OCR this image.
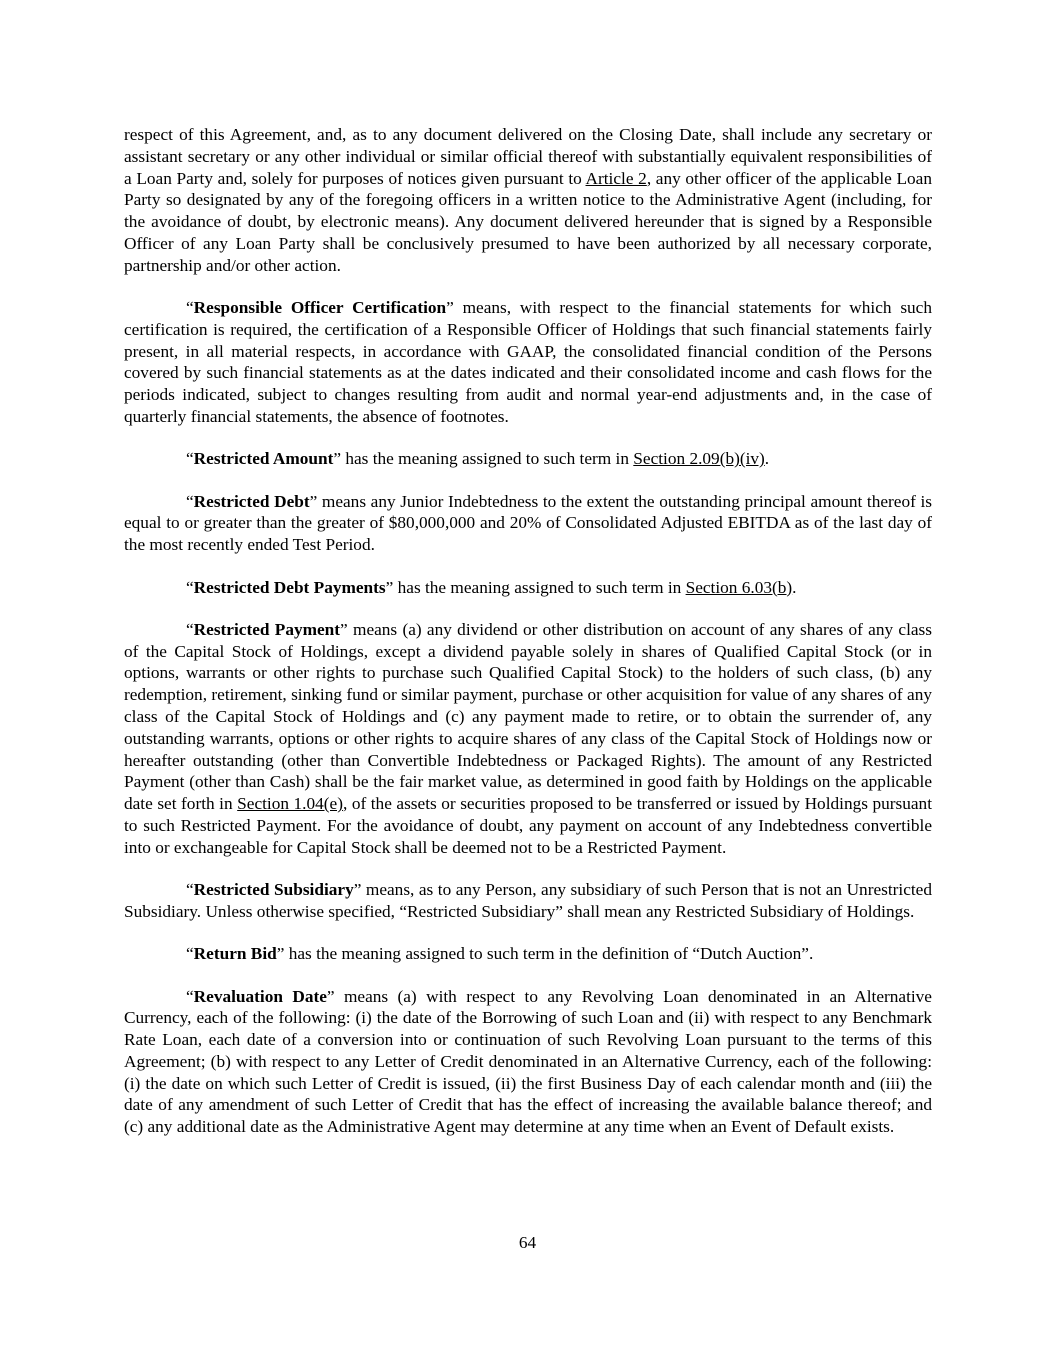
respect of this Agreement, and, as to any document delivered on the Closing Date, shall include any secretary or assistant secretary or any other individual or similar official thereof with substantially equivalent responsibilities of a Loan Party and, solely for purposes of notices given pursuant to Article 2, any other officer of the applicable Loan Party so designated by any of the foregoing officers in a written notice to the Administrative Agent (including, for the avoidance of doubt, by electronic means). Any document delivered hereunder that is signed by a Responsible Officer of any Loan Party shall be conclusively presumed to have been authorized by all necessary corporate, partnership and/or other action.

“Responsible Officer Certification” means, with respect to the financial statements for which such certification is required, the certification of a Responsible Officer of Holdings that such financial statements fairly present, in all material respects, in accordance with GAAP, the consolidated financial condition of the Persons covered by such financial statements as at the dates indicated and their consolidated income and cash flows for the periods indicated, subject to changes resulting from audit and normal year-end adjustments and, in the case of quarterly financial statements, the absence of footnotes.

“Restricted Amount” has the meaning assigned to such term in Section 2.09(b)(iv).

“Restricted Debt” means any Junior Indebtedness to the extent the outstanding principal amount thereof is equal to or greater than the greater of $80,000,000 and 20% of Consolidated Adjusted EBITDA as of the last day of the most recently ended Test Period.

“Restricted Debt Payments” has the meaning assigned to such term in Section 6.03(b).

“Restricted Payment” means (a) any dividend or other distribution on account of any shares of any class of the Capital Stock of Holdings, except a dividend payable solely in shares of Qualified Capital Stock (or in options, warrants or other rights to purchase such Qualified Capital Stock) to the holders of such class, (b) any redemption, retirement, sinking fund or similar payment, purchase or other acquisition for value of any shares of any class of the Capital Stock of Holdings and (c) any payment made to retire, or to obtain the surrender of, any outstanding warrants, options or other rights to acquire shares of any class of the Capital Stock of Holdings now or hereafter outstanding (other than Convertible Indebtedness or Packaged Rights). The amount of any Restricted Payment (other than Cash) shall be the fair market value, as determined in good faith by Holdings on the applicable date set forth in Section 1.04(e), of the assets or securities proposed to be transferred or issued by Holdings pursuant to such Restricted Payment. For the avoidance of doubt, any payment on account of any Indebtedness convertible into or exchangeable for Capital Stock shall be deemed not to be a Restricted Payment.

“Restricted Subsidiary” means, as to any Person, any subsidiary of such Person that is not an Unrestricted Subsidiary. Unless otherwise specified, “Restricted Subsidiary” shall mean any Restricted Subsidiary of Holdings.

“Return Bid” has the meaning assigned to such term in the definition of “Dutch Auction”.

“Revaluation Date” means (a) with respect to any Revolving Loan denominated in an Alternative Currency, each of the following: (i) the date of the Borrowing of such Loan and (ii) with respect to any Benchmark Rate Loan, each date of a conversion into or continuation of such Revolving Loan pursuant to the terms of this Agreement; (b) with respect to any Letter of Credit denominated in an Alternative Currency, each of the following: (i) the date on which such Letter of Credit is issued, (ii) the first Business Day of each calendar month and (iii) the date of any amendment of such Letter of Credit that has the effect of increasing the available balance thereof; and (c) any additional date as the Administrative Agent may determine at any time when an Event of Default exists.

64
